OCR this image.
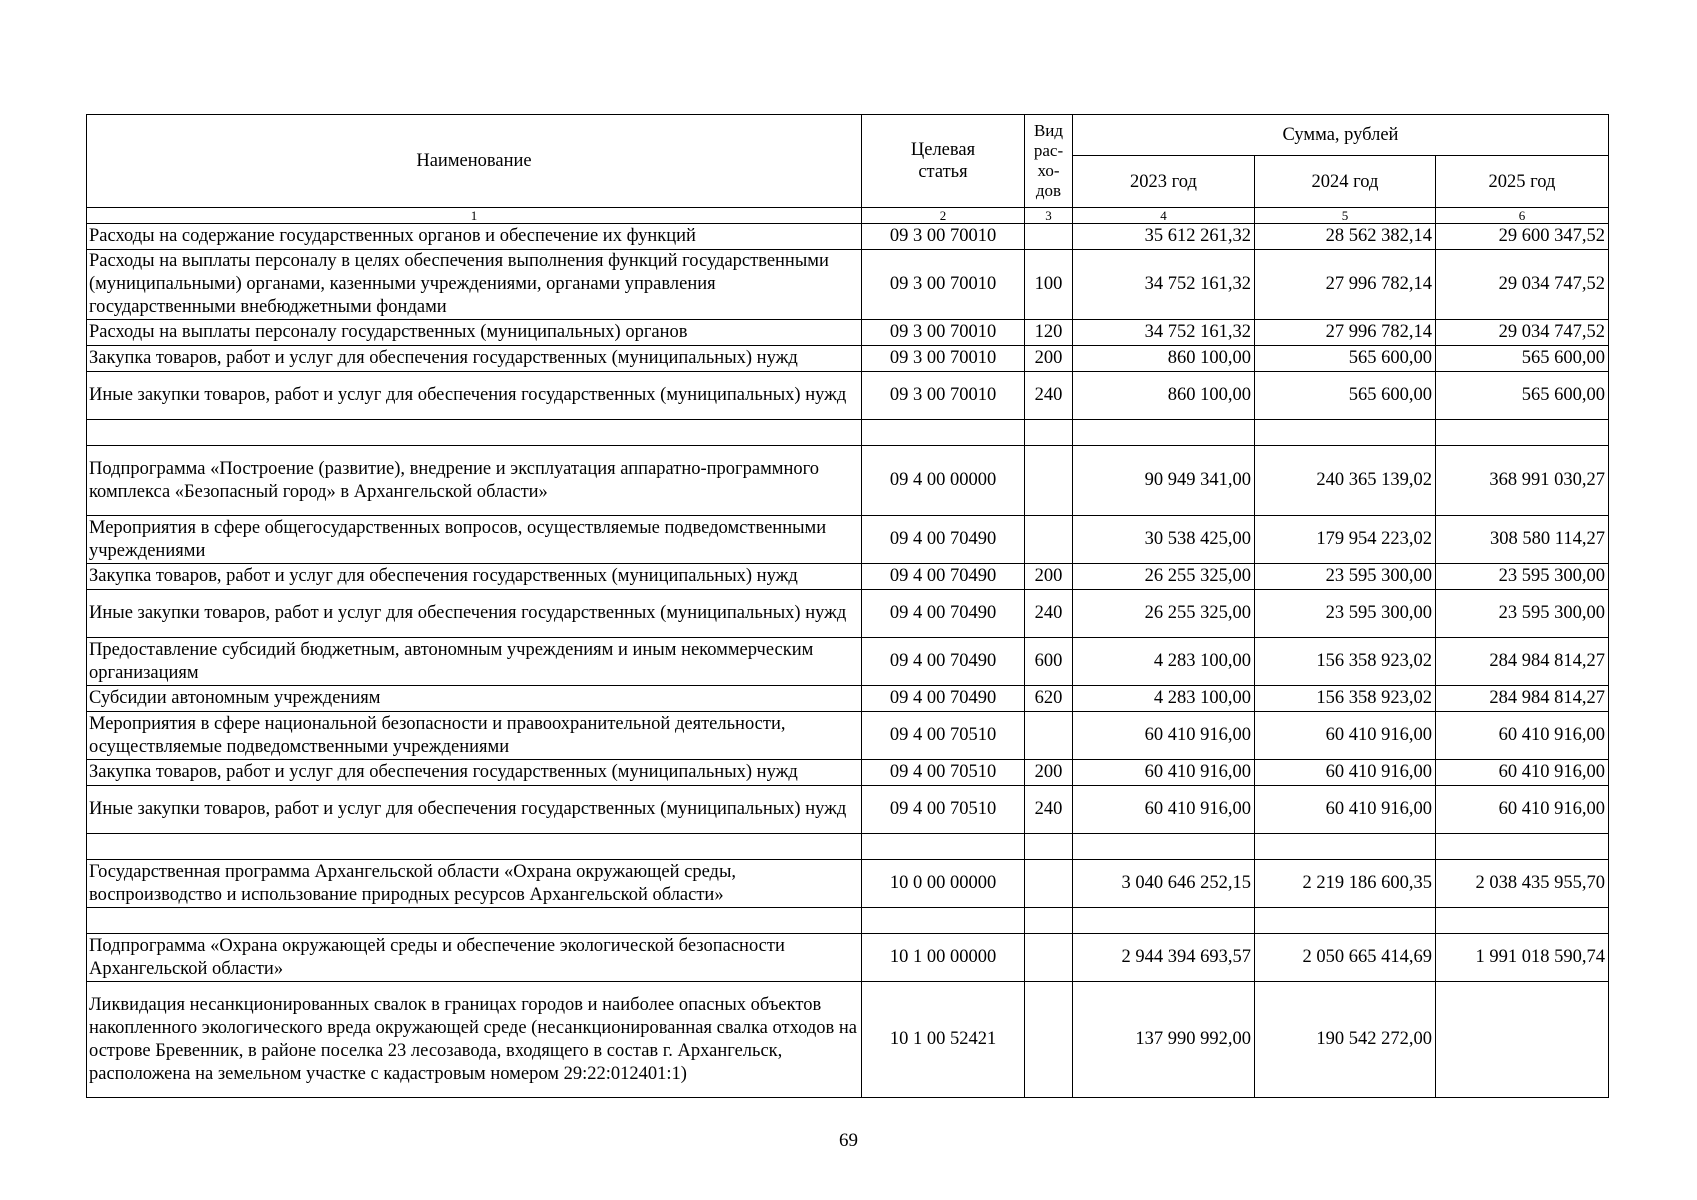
Наименование	Целевая статья	Вид рас- хо- дов	Сумма, рублей		
			2023 год	2024 год	2025 год
1	2	3	4	5	6
Расходы на содержание государственных органов и обеспечение их функций	09 3 00 70010		35 612 261,32	28 562 382,14	29 600 347,52
Расходы на выплаты персоналу в целях обеспечения выполнения функций государственными (муниципальными) органами, казенными учреждениями, органами управления государственными внебюджетными фондами	09 3 00 70010	100	34 752 161,32	27 996 782,14	29 034 747,52
Расходы на выплаты персоналу государственных (муниципальных) органов	09 3 00 70010	120	34 752 161,32	27 996 782,14	29 034 747,52
Закупка товаров, работ и услуг для обеспечения государственных (муниципальных) нужд	09 3 00 70010	200	860 100,00	565 600,00	565 600,00
Иные закупки товаров, работ и услуг для обеспечения государственных (муниципальных) нужд	09 3 00 70010	240	860 100,00	565 600,00	565 600,00

Подпрограмма «Построение (развитие), внедрение и эксплуатация аппаратно-программного комплекса «Безопасный город» в Архангельской области»	09 4 00 00000		90 949 341,00	240 365 139,02	368 991 030,27
Мероприятия в сфере общегосударственных вопросов, осуществляемые подведомственными учреждениями	09 4 00 70490		30 538 425,00	179 954 223,02	308 580 114,27
Закупка товаров, работ и услуг для обеспечения государственных (муниципальных) нужд	09 4 00 70490	200	26 255 325,00	23 595 300,00	23 595 300,00
Иные закупки товаров, работ и услуг для обеспечения государственных (муниципальных) нужд	09 4 00 70490	240	26 255 325,00	23 595 300,00	23 595 300,00
Предоставление субсидий бюджетным, автономным учреждениям и иным некоммерческим организациям	09 4 00 70490	600	4 283 100,00	156 358 923,02	284 984 814,27
Субсидии автономным учреждениям	09 4 00 70490	620	4 283 100,00	156 358 923,02	284 984 814,27
Мероприятия в сфере национальной безопасности и правоохранительной деятельности, осуществляемые подведомственными учреждениями	09 4 00 70510		60 410 916,00	60 410 916,00	60 410 916,00
Закупка товаров, работ и услуг для обеспечения государственных (муниципальных) нужд	09 4 00 70510	200	60 410 916,00	60 410 916,00	60 410 916,00
Иные закупки товаров, работ и услуг для обеспечения государственных (муниципальных) нужд	09 4 00 70510	240	60 410 916,00	60 410 916,00	60 410 916,00

Государственная программа Архангельской области «Охрана окружающей среды, воспроизводство и использование природных ресурсов Архангельской области»	10 0 00 00000		3 040 646 252,15	2 219 186 600,35	2 038 435 955,70

Подпрограмма «Охрана окружающей среды и обеспечение экологической безопасности Архангельской области»	10 1 00 00000		2 944 394 693,57	2 050 665 414,69	1 991 018 590,74
Ликвидация несанкционированных свалок в границах городов и наиболее опасных объектов накопленного экологического вреда окружающей среде (несанкционированная свалка отходов на острове Бревенник, в районе поселка 23 лесозавода, входящего в состав г. Архангельск, расположена на земельном участке с кадастровым номером 29:22:012401:1)	10 1 00 52421		137 990 992,00	190 542 272,00	
69
